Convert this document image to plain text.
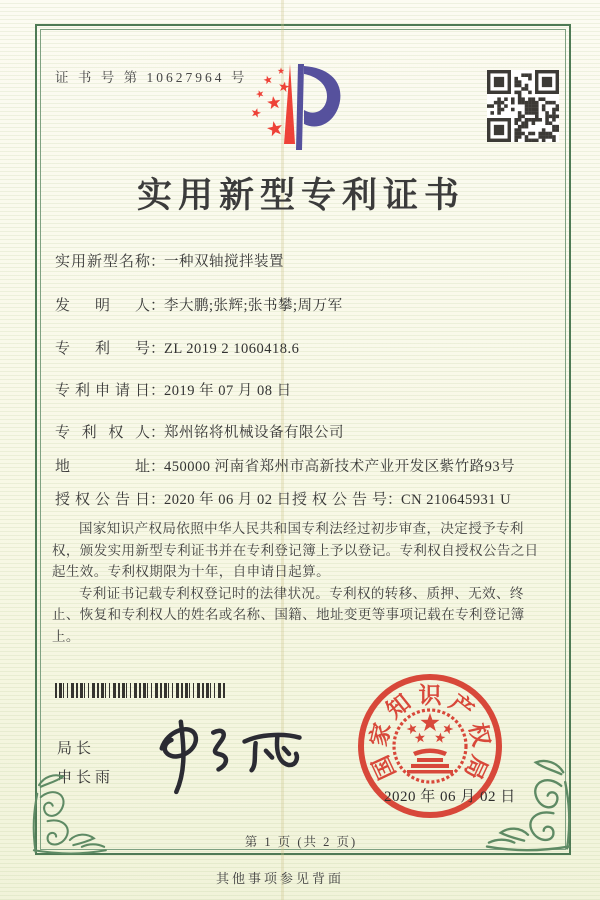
证 书 号 第 10627964 号
实用新型专利证书
实用新型名称：一种双轴搅拌装置
发明人：李大鹏;张辉;张书攀;周万军
专利号：ZL 2019 2 1060418.6
专利申请日：2019 年 07 月 08 日
专利权人：郑州铭将机械设备有限公司
地址：450000 河南省郑州市高新技术产业开发区紫竹路93号
授权公告日：2020 年 06 月 02 日 授权公告号：CN 210645931 U

国家知识产权局依照中华人民共和国专利法经过初步审查，决定授予专利权，颁发实用新型专利证书并在专利登记簿上予以登记。专利权自授权公告之日起生效。专利权期限为十年，自申请日起算。

专利证书记载专利权登记时的法律状况。专利权的转移、质押、无效、终止、恢复和专利权人的姓名或名称、国籍、地址变更等事项记载在专利登记簿上。

局长
申长雨	国
家
知 识 产
权
局
2020 年 06 月 02 日
第 1 页 (共 2 页)
其他事项参见背面
